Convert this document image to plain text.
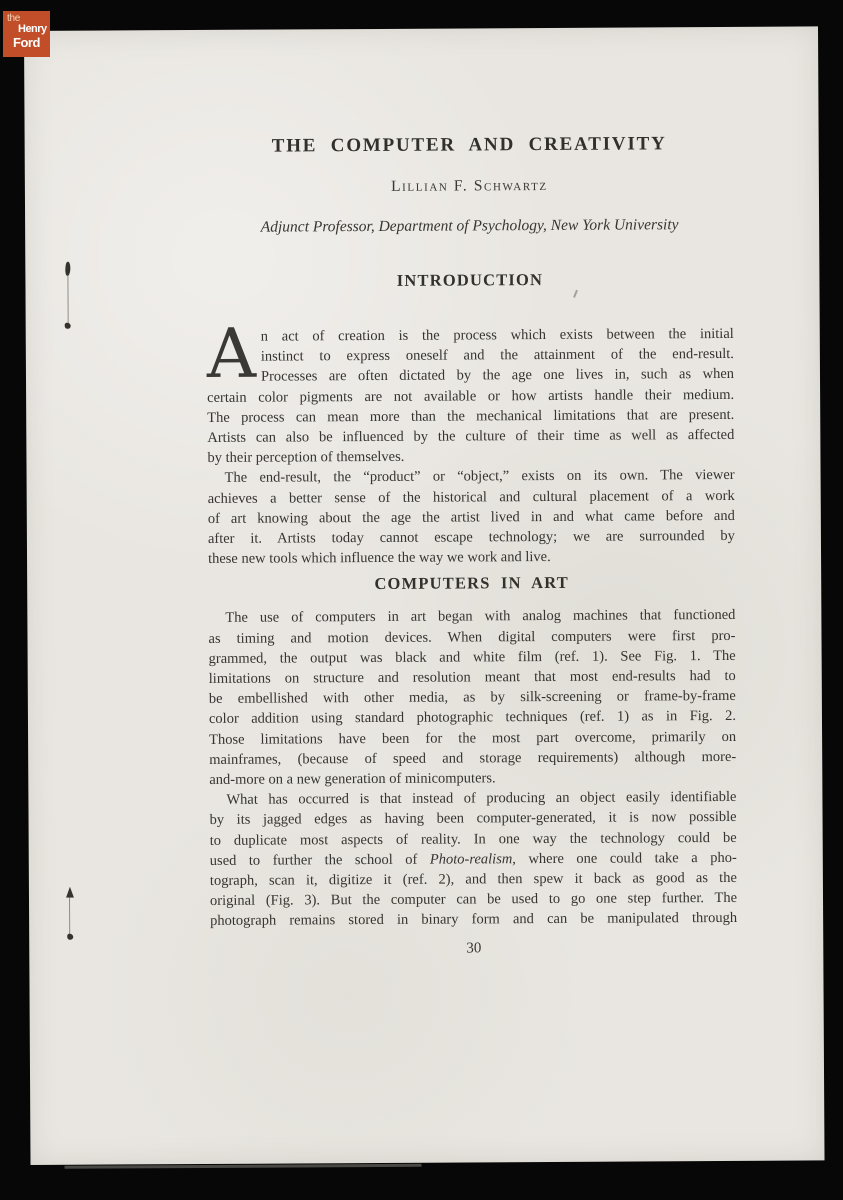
the
Henry
Ford
THE COMPUTER AND CREATIVITY
Lillian F. Schwartz
Adjunct Professor, Department of Psychology, New York University
INTRODUCTION
A n act of creation is the process which exists between the initial
instinct to express oneself and the attainment of the end-result.
Processes are often dictated by the age one lives in, such as when
certain color pigments are not available or how artists handle their medium.
The process can mean more than the mechanical limitations that are present.
Artists can also be influenced by the culture of their time as well as affected
by their perception of themselves.
The end-result, the “product” or “object,” exists on its own. The viewer
achieves a better sense of the historical and cultural placement of a work
of art knowing about the age the artist lived in and what came before and
after it. Artists today cannot escape technology; we are surrounded by
these new tools which influence the way we work and live.
COMPUTERS IN ART
The use of computers in art began with analog machines that functioned
as timing and motion devices. When digital computers were first pro-
grammed, the output was black and white film (ref. 1). See Fig. 1. The
limitations on structure and resolution meant that most end-results had to
be embellished with other media, as by silk-screening or frame-by-frame
color addition using standard photographic techniques (ref. 1) as in Fig. 2.
Those limitations have been for the most part overcome, primarily on
mainframes, (because of speed and storage requirements) although more-
and-more on a new generation of minicomputers.
What has occurred is that instead of producing an object easily identifiable
by its jagged edges as having been computer-generated, it is now possible
to duplicate most aspects of reality. In one way the technology could be
used to further the school of Photo-realism, where one could take a pho-
tograph, scan it, digitize it (ref. 2), and then spew it back as good as the
original (Fig. 3). But the computer can be used to go one step further. The
photograph remains stored in binary form and can be manipulated through
30
